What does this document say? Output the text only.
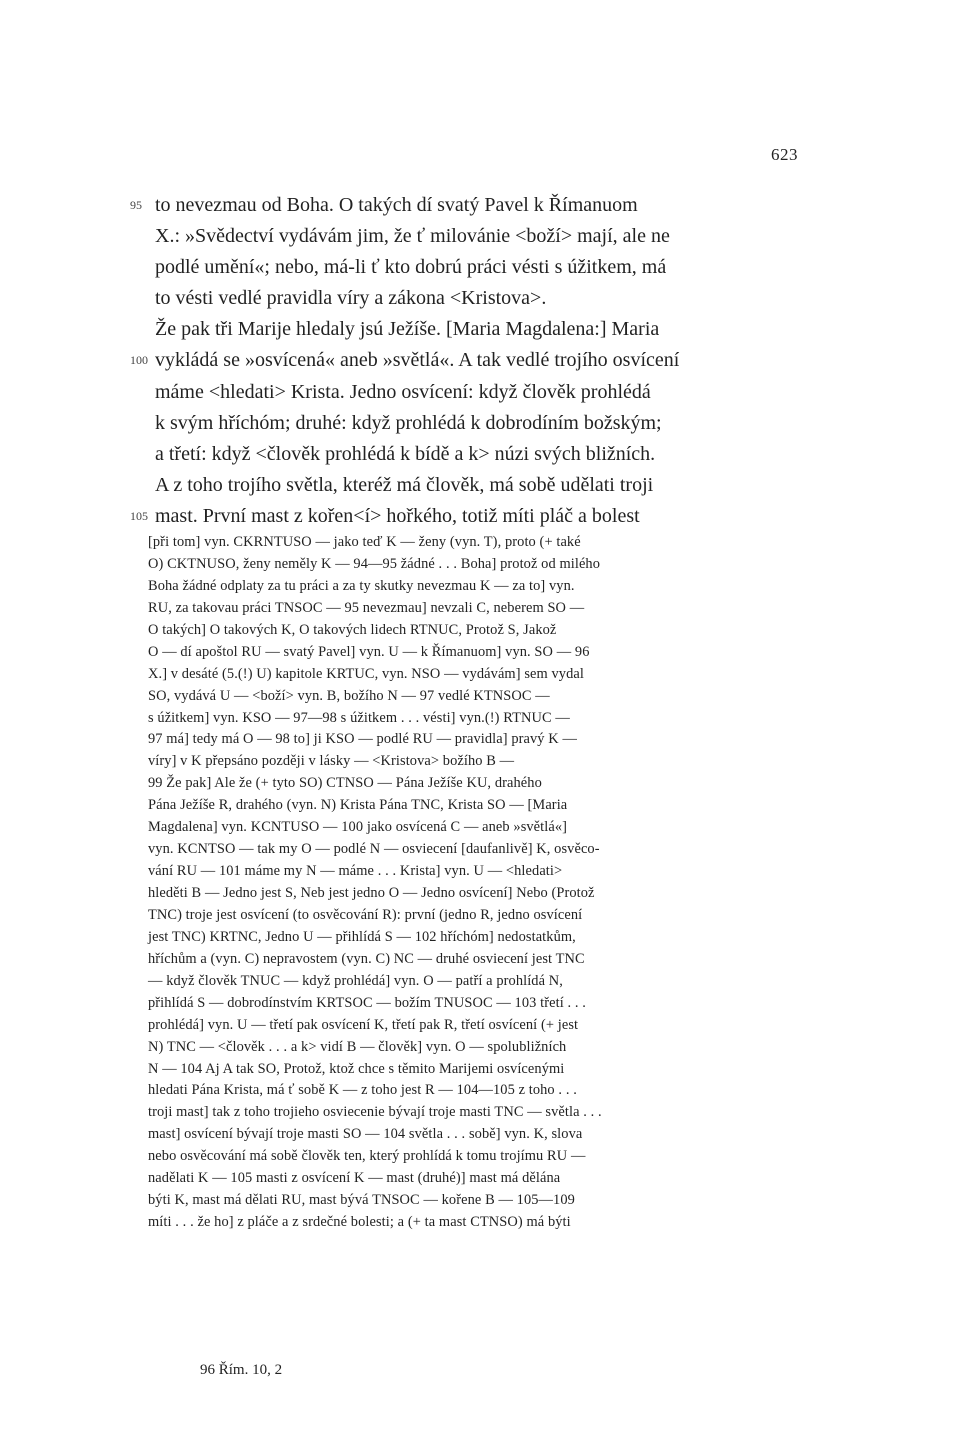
623
95 to nevezmau od Boha. O takých dí svatý Pavel k Římanuom
X.: »Svědectví vydávám jim, že ť milovánie <boží> mají, ale ne
podlé umění«; nebo, má-li ť kto dobrú práci vésti s úžitkem, má
to vésti vedlé pravidla víry a zákona <Kristova>.
Že pak tři Marije hledaly jsú Ježíše. [Maria Magdalena:] Maria
100 vykládá se »osvícená« aneb »světlá«. A tak vedlé trojího osvícení
máme <hledati> Krista. Jedno osvícení: když člověk prohlédá
k svým hříchóm; druhé: když prohlédá k dobrodíním božským;
a třetí: když <člověk prohlédá k bídě a k> núzi svých bližních.
A z toho trojího světla, kteréž má člověk, má sobě udělati troji
105 mast. První mast z kořen<í> hořkého, totiž míti pláč a bolest
[při tom] vyn. CKRNTUSO — jako teď K — ženy (vyn. T), proto (+ také
O) CKTNUSO, ženy neměly K — 94—95 žádné . . . Boha] protož od milého
Boha žádné odplaty za tu práci a za ty skutky nevezmau K — za to] vyn.
RU, za takovau práci TNSOC — 95 nevezmau] nevzali C, neberem SO —
O takých] O takových K, O takových lidech RTNUC, Protož S, Jakož
O — dí apoštol RU — svatý Pavel] vyn. U — k Římanuom] vyn. SO — 96
X.] v desáté (5.(!) U) kapitole KRTUC, vyn. NSO — vydávám] sem vydal
SO, vydává U — <boží> vyn. B, božího N — 97 vedlé KTNSOC —
s úžitkem] vyn. KSO — 97—98 s úžitkem . . . vésti] vyn.(!) RTNUC —
97 má] tedy má O — 98 to] ji KSO — podlé RU — pravidla] pravý K —
víry] v K přepsáno později v lásky — <Kristova> božího B —
99 Že pak] Ale že (+ tyto SO) CTNSO — Pána Ježíše KU, drahého
Pána Ježíše R, drahého (vyn. N) Krista Pána TNC, Krista SO — [Maria
Magdalena] vyn. KCNTUSO — 100 jako osvícená C — aneb »světlá«]
vyn. KCNTSO — tak my O — podlé N — osviecení [daufanlivě] K, osvěco-
vání RU — 101 máme my N — máme . . . Krista] vyn. U — <hledati>
hleděti B — Jedno jest S, Neb jest jedno O — Jedno osvícení] Nebo (Protož
TNC) troje jest osvícení (to osvěcování R): první (jedno R, jedno osvícení
jest TNC) KRTNC, Jedno U — přihlídá S — 102 hříchóm] nedostatkům,
hříchům a (vyn. C) nepravostem (vyn. C) NC — druhé osviecení jest TNC
— když člověk TNUC — když prohlédá] vyn. O — patří a prohlídá N,
přihlídá S — dobrodínstvím KRTSOC — božím TNUSOC — 103 třetí . . .
prohlédá] vyn. U — třetí pak osvícení K, třetí pak R, třetí osvícení (+ jest
N) TNC — <člověk . . . a k> vidí B — člověk] vyn. O — spolubližních
N — 104 Aj A tak SO, Protož, ktož chce s těmito Marijemi osvícenými
hledati Pána Krista, má ť sobě K — z toho jest R — 104—105 z toho . . .
troji mast] tak z toho trojieho osviecenie bývají troje masti TNC — světla . . .
mast] osvícení bývají troje masti SO — 104 světla . . . sobě] vyn. K, slova
nebo osvěcování má sobě člověk ten, který prohlídá k tomu trojímu RU —
nadělati K — 105 masti z osvícení K — mast (druhé)] mast má dělána
býti K, mast má dělati RU, mast bývá TNSOC — kořene B — 105—109
míti . . . že ho] z pláče a z srdečné bolesti; a (+ ta mast CTNSO) má býti
96 Řím. 10, 2
